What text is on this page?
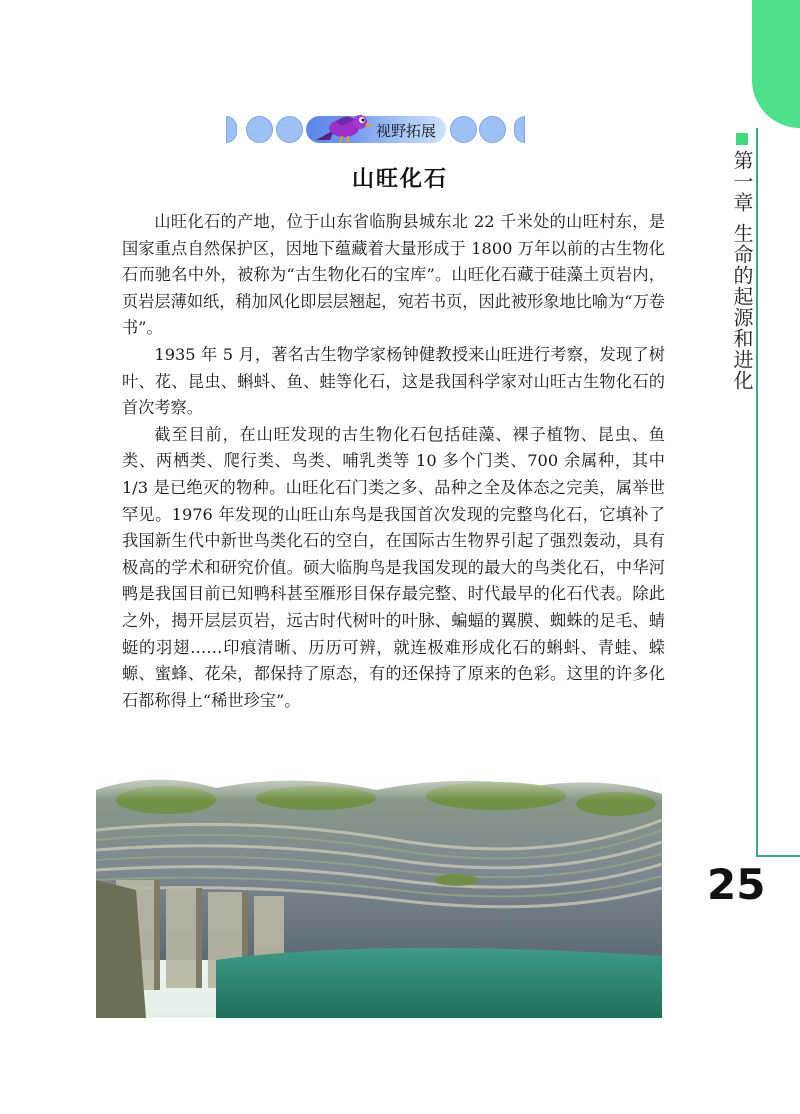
第一章生命的起源和进化
25
视野拓展
山旺化石

山旺化石的产地，位于山东省临朐县城东北 22 千米处的山旺村东，是国家重点自然保护区，因地下蕴藏着大量形成于 1800 万年以前的古生物化石而驰名中外，被称为“古生物化石的宝库”。山旺化石藏于硅藻土页岩内，页岩层薄如纸，稍加风化即层层翘起，宛若书页，因此被形象地比喻为“万卷书”。

1935 年 5 月，著名古生物学家杨钟健教授来山旺进行考察，发现了树叶、花、昆虫、蝌蚪、鱼、蛙等化石，这是我国科学家对山旺古生物化石的首次考察。

截至目前，在山旺发现的古生物化石包括硅藻、裸子植物、昆虫、鱼类、两栖类、爬行类、鸟类、哺乳类等 10 多个门类、700 余属种，其中 1/3 是已绝灭的物种。山旺化石门类之多、品种之全及体态之完美，属举世罕见。1976 年发现的山旺山东鸟是我国首次发现的完整鸟化石，它填补了我国新生代中新世鸟类化石的空白，在国际古生物界引起了强烈轰动，具有极高的学术和研究价值。硕大临朐鸟是我国发现的最大的鸟类化石，中华河鸭是我国目前已知鸭科甚至雁形目保存最完整、时代最早的化石代表。除此之外，揭开层层页岩，远古时代树叶的叶脉、蝙蝠的翼膜、蜘蛛的足毛、蜻蜓的羽翅……印痕清晰、历历可辨，就连极难形成化石的蝌蚪、青蛙、蝾螈、蜜蜂、花朵，都保持了原态，有的还保持了原来的色彩。这里的许多化石都称得上“稀世珍宝”。
